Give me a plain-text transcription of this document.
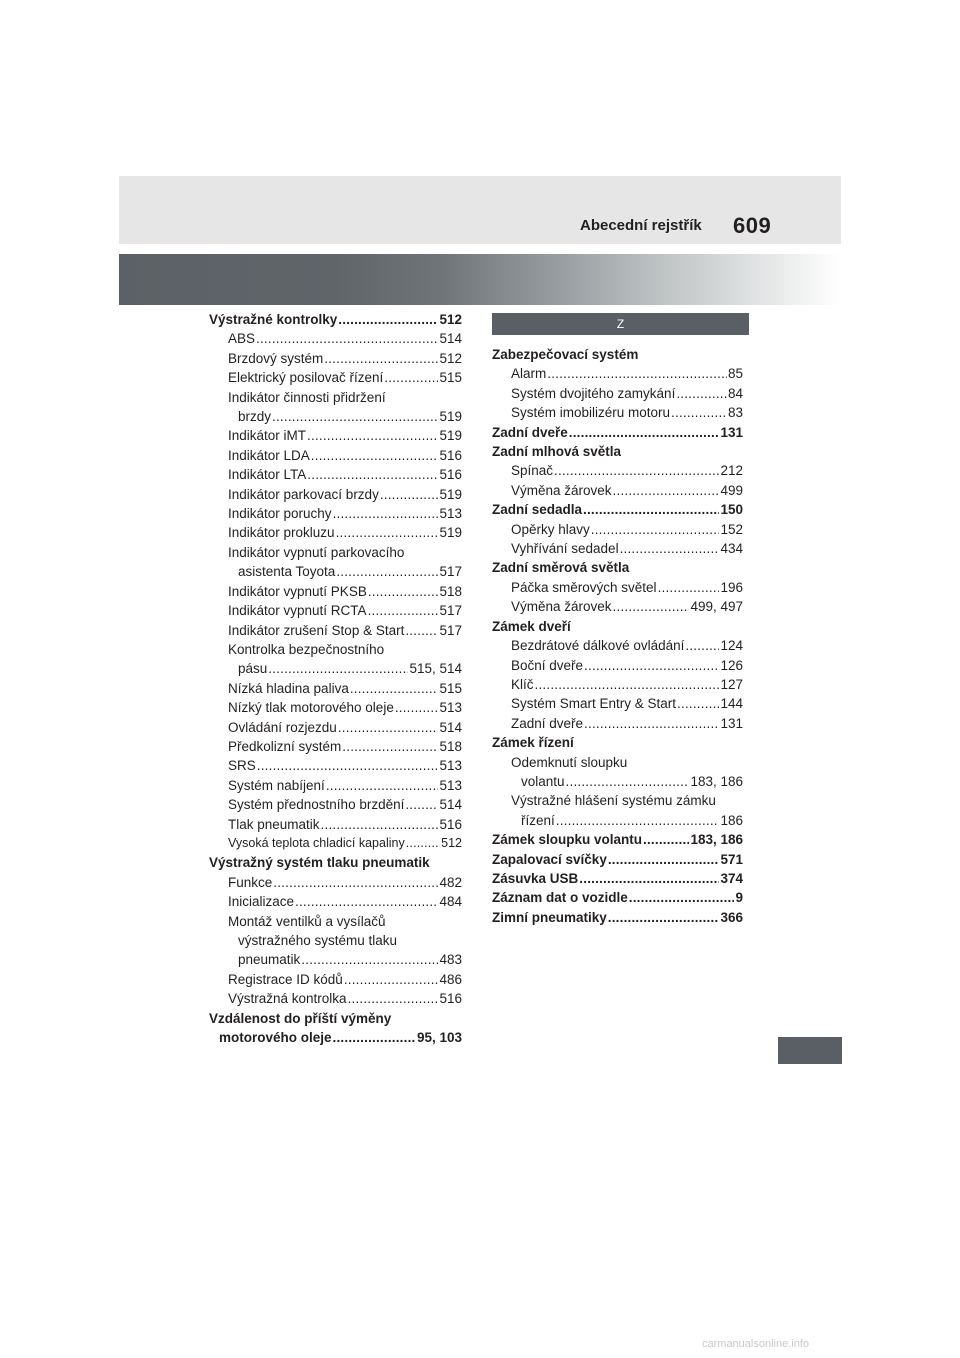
Abecední rejstřík 609
Výstražné kontrolky .....	512
ABS .....	514
Brzdový systém .....	512
Elektrický posilovač řízení .....	515
Indikátor činnosti přidržení
brzdy .....	519
Indikátor iMT .....	519
Indikátor LDA .....	516
Indikátor LTA .....	516
Indikátor parkovací brzdy .....	519
Indikátor poruchy .....	513
Indikátor prokluzu .....	519
Indikátor vypnutí parkovacího
asistenta Toyota .....	517
Indikátor vypnutí PKSB .....	518
Indikátor vypnutí RCTA .....	517
Indikátor zrušení Stop & Start .....	517
Kontrolka bezpečnostního
pásu .....	515, 514
Nízká hladina paliva .....	515
Nízký tlak motorového oleje .....	513
Ovládání rozjezdu .....	514
Předkolizní systém .....	518
SRS .....	513
Systém nabíjení .....	513
Systém přednostního brzdění .....	514
Tlak pneumatik .....	516
Vysoká teplota chladicí kapaliny .....	512
Výstražný systém tlaku pneumatik
Funkce .....	482
Inicializace .....	484
Montáž ventilků a vysílačů
výstražného systému tlaku
pneumatik .....	483
Registrace ID kódů .....	486
Výstražná kontrolka .....	516
Vzdálenost do příští výměny
motorového oleje .....	95, 103
Z
Zabezpečovací systém
Alarm .....	85
Systém dvojitého zamykání .....	84
Systém imobilizéru motoru .....	83
Zadní dveře .....	131
Zadní mlhová světla
Spínač .....	212
Výměna žárovek .....	499
Zadní sedadla .....	150
Opěrky hlavy .....	152
Vyhřívání sedadel .....	434
Zadní směrová světla
Páčka směrových světel .....	196
Výměna žárovek .....	499, 497
Zámek dveří
Bezdrátové dálkové ovládání .....	124
Boční dveře .....	126
Klíč .....	127
Systém Smart Entry & Start .....	144
Zadní dveře .....	131
Zámek řízení
Odemknutí sloupku
volantu .....	183, 186
Výstražné hlášení systému zámku
řízení .....	186
Zámek sloupku volantu .....	183, 186
Zapalovací svíčky .....	571
Zásuvka USB .....	374
Záznam dat o vozidle .....	9
Zimní pneumatiky .....	366
carmanualsonline.info
